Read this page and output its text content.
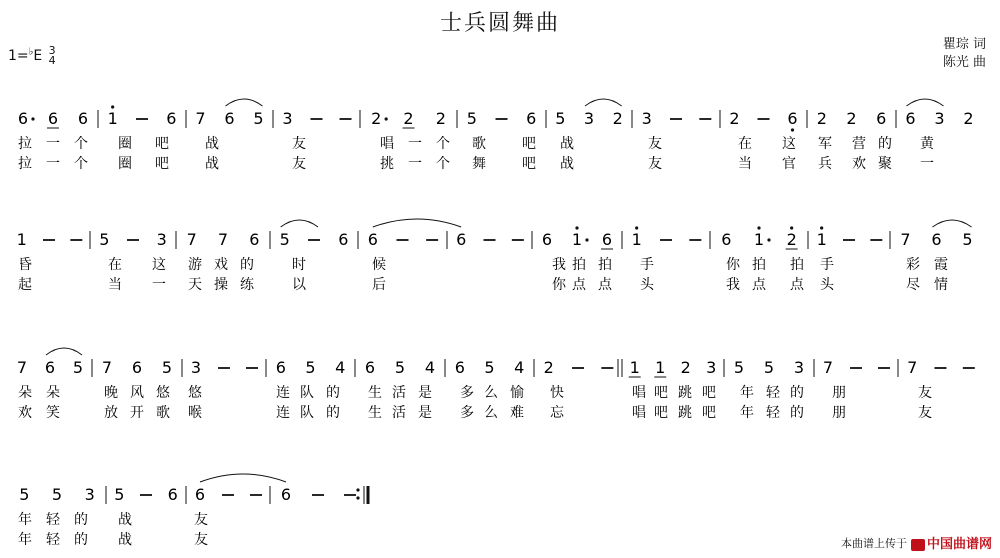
士兵圆舞曲
1=♭E 3
4
瞿琮 词
陈光 曲
6 6 6 1	6 7 6 5 3	2 2 2 5	6 5 3 2 3	2	6 2 2 6 6 3 2
拉 一 个 圈 吧	战	友	唱 一 个 歌	吧 战	友	在 这 军 营 的 黄
拉 一 个 圈 吧	战	友	挑 一 个 舞	吧 战	友	当 官 兵 欢 聚 一
1	5	3 7 7 6 5	6 6	6	6 1 6 1	6 1 2 1	7 6 5
昏	在 这 游 戏 的	时	候	我 拍 拍 手	你 拍 拍 手	彩 霞
起	当 一 天 操 练	以	后	你 点 点 头	我 点 点 头	尽 情
7 6 5 7 6 5 3	6 5 4 6 5 4 6 5 4 2	1 1 2 3 5 5 3 7	7
朵 朵	晚 风 悠 悠	连 队 的 生 活 是 多 么 愉 快	唱 吧 跳 吧 年 轻 的 朋	友
欢 笑	放 开 歌 喉	连 队 的 生 活 是 多 么 难 忘	唱 吧 跳 吧 年 轻 的 朋	友
5 5 3 5	6 6	6
年 轻 的 战	友
年 轻 的 战	友	本曲谱上传于	中国曲谱网
